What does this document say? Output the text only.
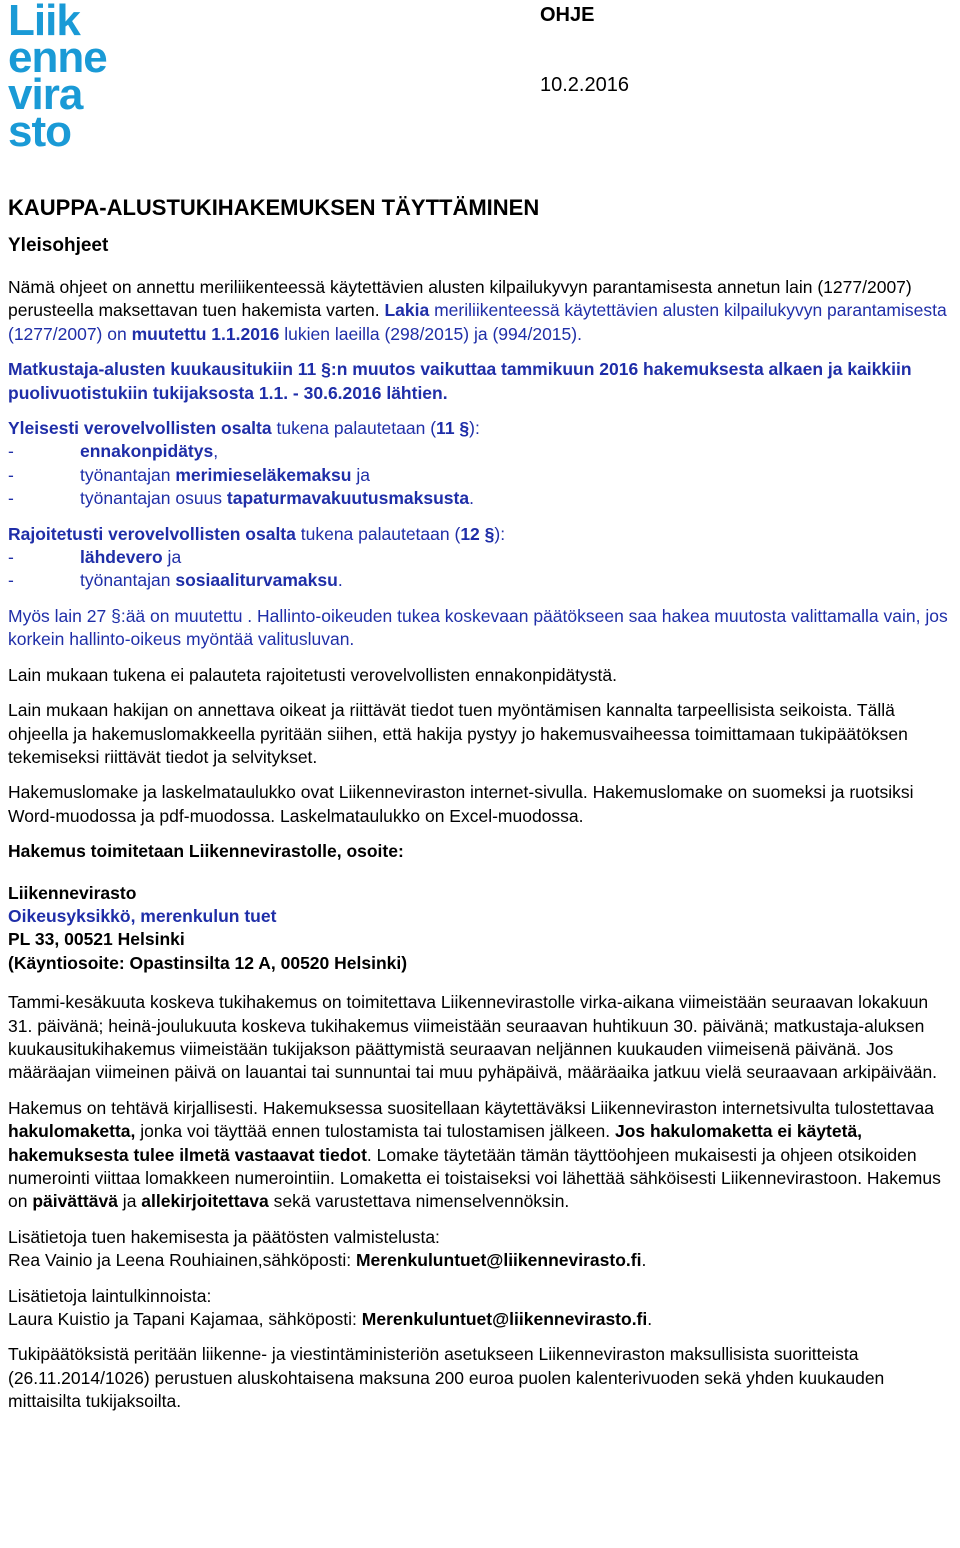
Liik
enne
vira
sto
OHJE
10.2.2016
KAUPPA-ALUSTUKIHAKEMUKSEN TÄYTTÄMINEN
Yleisohjeet

Nämä ohjeet on annettu meriliikenteessä käytettävien alusten kilpailukyvyn parantamisesta annetun lain (1277/2007) perusteella maksettavan tuen hakemista varten. Lakia meriliikenteessä käytettävien alusten kilpailukyvyn parantamisesta (1277/2007) on muutettu 1.1.2016 lukien laeilla (298/2015) ja (994/2015).

Matkustaja-alusten kuukausitukiin 11 §:n muutos vaikuttaa tammikuun 2016 hakemuksesta alkaen ja kaikkiin puolivuotistukiin tukijaksosta 1.1. - 30.6.2016 lähtien.

Yleisesti verovelvollisten osalta tukena palautetaan (11 §):

-	ennakonpidätys,
-	työnantajan merimieseläkemaksu ja
-	työnantajan osuus tapaturmavakuutusmaksusta.

Rajoitetusti verovelvollisten osalta tukena palautetaan (12 §):

-	lähdevero ja
-	työnantajan sosiaaliturvamaksu.

Myös lain 27 §:ää on muutettu . Hallinto-oikeuden tukea koskevaan päätökseen saa hakea muutosta valittamalla vain, jos korkein hallinto-oikeus myöntää valitusluvan.

Lain mukaan tukena ei palauteta rajoitetusti verovelvollisten ennakonpidätystä.

Lain mukaan hakijan on annettava oikeat ja riittävät tiedot tuen myöntämisen kannalta tarpeellisista seikoista. Tällä ohjeella ja hakemuslomakkeella pyritään siihen, että hakija pystyy jo hakemusvaiheessa toimittamaan tukipäätöksen tekemiseksi riittävät tiedot ja selvitykset.

Hakemuslomake ja laskelmataulukko ovat Liikenneviraston internet-sivulla. Hakemuslomake on suomeksi ja ruotsiksi Word-muodossa ja pdf-muodossa. Laskelmataulukko on Excel-muodossa.

Hakemus toimitetaan Liikennevirastolle, osoite:

Liikennevirasto

Oikeusyksikkö, merenkulun tuet

PL 33, 00521 Helsinki

(Käyntiosoite: Opastinsilta 12 A, 00520 Helsinki)

Tammi-kesäkuuta koskeva tukihakemus on toimitettava Liikennevirastolle virka-aikana viimeistään seuraavan lokakuun 31. päivänä; heinä-joulukuuta koskeva tukihakemus viimeistään seuraavan huhtikuun 30. päivänä; matkustaja-aluksen kuukausitukihakemus viimeistään tukijakson päättymistä seuraavan neljännen kuukauden viimeisenä päivänä. Jos määräajan viimeinen päivä on lauantai tai sunnuntai tai muu pyhäpäivä, määräaika jatkuu vielä seuraavaan arkipäivään.

Hakemus on tehtävä kirjallisesti. Hakemuksessa suositellaan käytettäväksi Liikenneviraston internetsivulta tulostettavaa hakulomaketta, jonka voi täyttää ennen tulostamista tai tulostamisen jälkeen. Jos hakulomaketta ei käytetä, hakemuksesta tulee ilmetä vastaavat tiedot. Lomake täytetään tämän täyttöohjeen mukaisesti ja ohjeen otsikoiden numerointi viittaa lomakkeen numerointiin. Lomaketta ei toistaiseksi voi lähettää sähköisesti Liikennevirastoon. Hakemus on päivättävä ja allekirjoitettava sekä varustettava nimenselvennöksin.

Lisätietoja tuen hakemisesta ja päätösten valmistelusta:

Rea Vainio ja Leena Rouhiainen,sähköposti: Merenkuluntuet@liikennevirasto.fi.

Lisätietoja laintulkinnoista:

Laura Kuistio ja Tapani Kajamaa, sähköposti: Merenkuluntuet@liikennevirasto.fi.

Tukipäätöksistä peritään liikenne- ja viestintäministeriön asetukseen Liikenneviraston maksullisista suoritteista (26.11.2014/1026) perustuen aluskohtaisena maksuna 200 euroa puolen kalenterivuoden sekä yhden kuukauden mittaisilta tukijaksoilta.
